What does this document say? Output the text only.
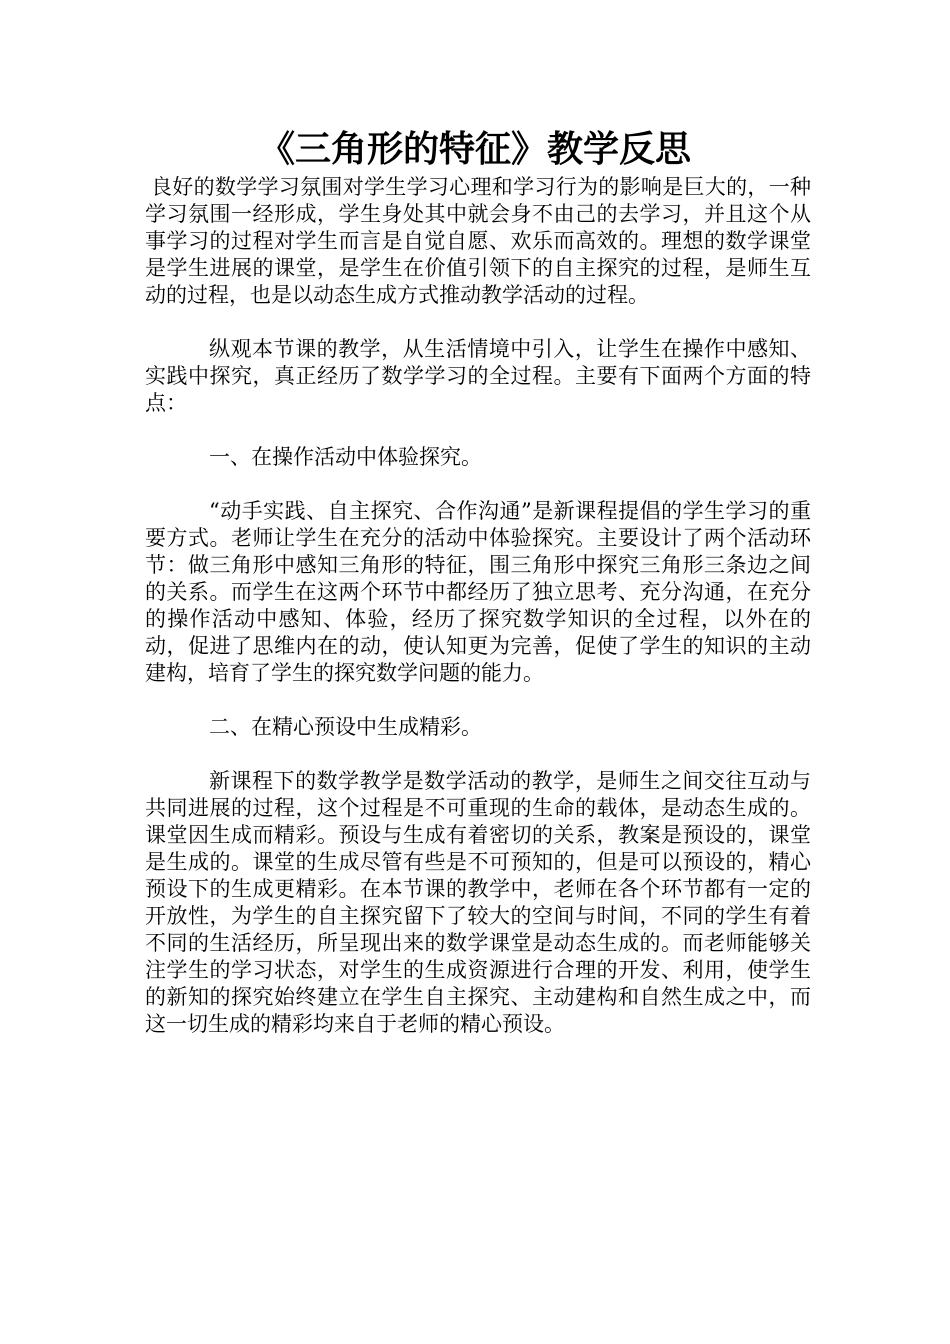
《三角形的特征》教学反思

良好的数学学习氛围对学生学习心理和学习行为的影响是巨大的，一种学习氛围一经形成，学生身处其中就会身不由己的去学习，并且这个从事学习的过程对学生而言是自觉自愿、欢乐而高效的。理想的数学课堂是学生进展的课堂，是学生在价值引领下的自主探究的过程，是师生互动的过程，也是以动态生成方式推动教学活动的过程。

纵观本节课的教学，从生活情境中引入，让学生在操作中感知、实践中探究，真正经历了数学学习的全过程。主要有下面两个方面的特点：

一、在操作活动中体验探究。

“动手实践、自主探究、合作沟通”是新课程提倡的学生学习的重要方式。老师让学生在充分的活动中体验探究。主要设计了两个活动环节：做三角形中感知三角形的特征，围三角形中探究三角形三条边之间的关系。而学生在这两个环节中都经历了独立思考、充分沟通，在充分的操作活动中感知、体验，经历了探究数学知识的全过程，以外在的动，促进了思维内在的动，使认知更为完善，促使了学生的知识的主动建构，培育了学生的探究数学问题的能力。

二、在精心预设中生成精彩。

新课程下的数学教学是数学活动的教学，是师生之间交往互动与共同进展的过程，这个过程是不可重现的生命的载体，是动态生成的。课堂因生成而精彩。预设与生成有着密切的关系，教案是预设的，课堂是生成的。课堂的生成尽管有些是不可预知的，但是可以预设的，精心预设下的生成更精彩。在本节课的教学中，老师在各个环节都有一定的开放性，为学生的自主探究留下了较大的空间与时间，不同的学生有着不同的生活经历，所呈现出来的数学课堂是动态生成的。而老师能够关注学生的学习状态，对学生的生成资源进行合理的开发、利用，使学生的新知的探究始终建立在学生自主探究、主动建构和自然生成之中，而这一切生成的精彩均来自于老师的精心预设。
